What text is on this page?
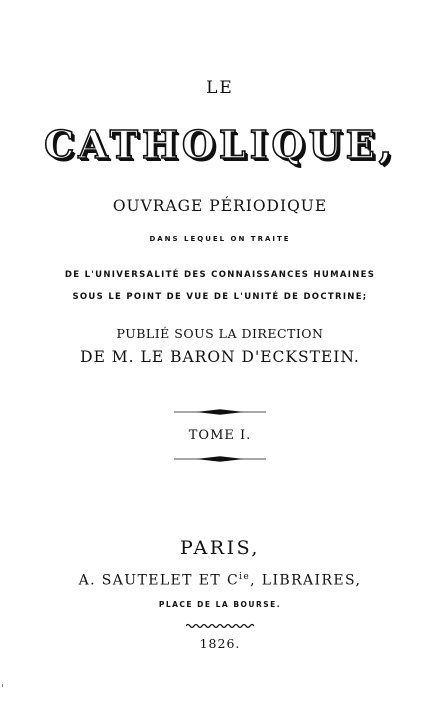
LE
CATHOLIQUE,
OUVRAGE PÉRIODIQUE
DANS LEQUEL ON TRAITE
DE L'UNIVERSALITÉ DES CONNAISSANCES HUMAINES
SOUS LE POINT DE VUE DE L'UNITÉ DE DOCTRINE;
PUBLIÉ SOUS LA DIRECTION
DE M. LE BARON D'ECKSTEIN.
TOME I.
PARIS,
A. SAUTELET ET $C^{ie}$, LIBRAIRES,
PLACE DE LA BOURSE.
1826.
